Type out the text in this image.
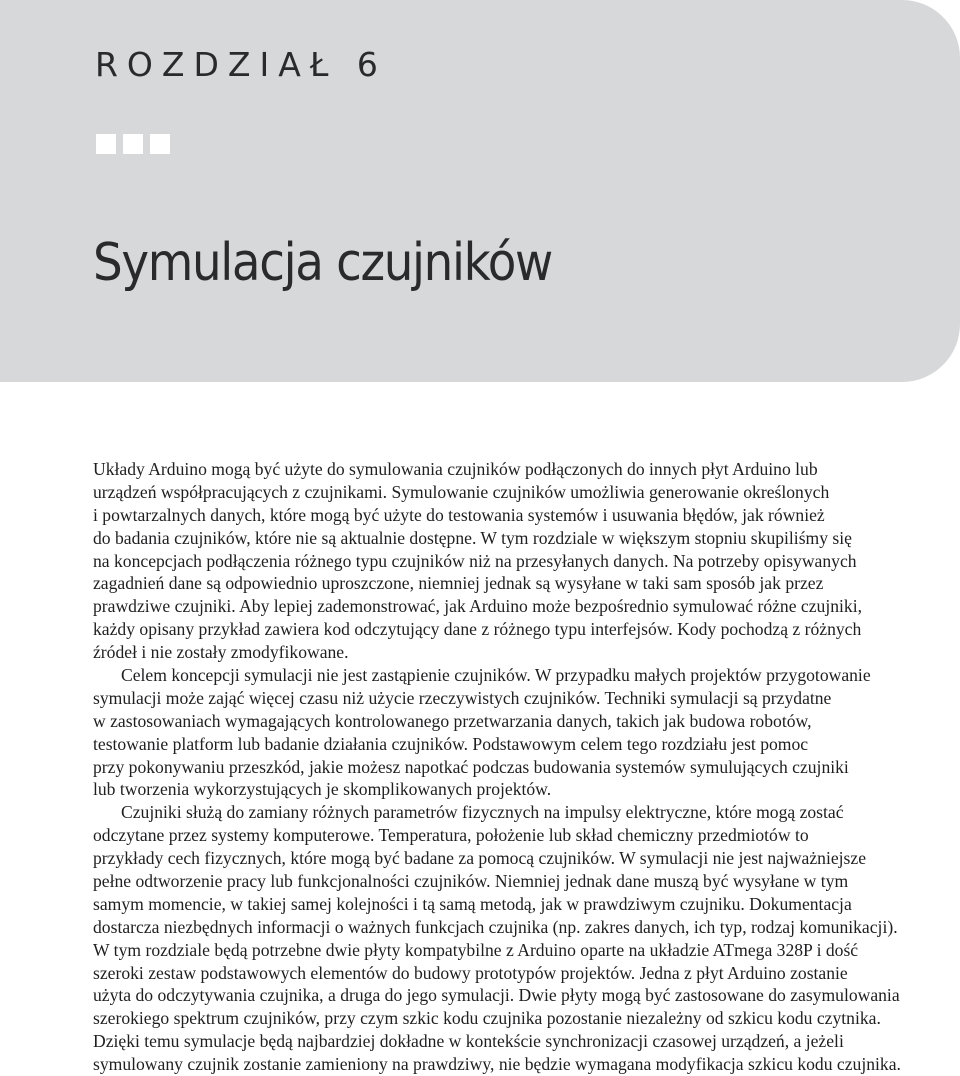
ROZDZIAŁ 6
Symulacja czujników
Układy Arduino mogą być użyte do symulowania czujników podłączonych do innych płyt Arduino lub
urządzeń współpracujących z czujnikami. Symulowanie czujników umożliwia generowanie określonych
i powtarzalnych danych, które mogą być użyte do testowania systemów i usuwania błędów, jak również
do badania czujników, które nie są aktualnie dostępne. W tym rozdziale w większym stopniu skupiliśmy się
na koncepcjach podłączenia różnego typu czujników niż na przesyłanych danych. Na potrzeby opisywanych
zagadnień dane są odpowiednio uproszczone, niemniej jednak są wysyłane w taki sam sposób jak przez
prawdziwe czujniki. Aby lepiej zademonstrować, jak Arduino może bezpośrednio symulować różne czujniki,
każdy opisany przykład zawiera kod odczytujący dane z różnego typu interfejsów. Kody pochodzą z różnych
źródeł i nie zostały zmodyfikowane.
Celem koncepcji symulacji nie jest zastąpienie czujników. W przypadku małych projektów przygotowanie
symulacji może zająć więcej czasu niż użycie rzeczywistych czujników. Techniki symulacji są przydatne
w zastosowaniach wymagających kontrolowanego przetwarzania danych, takich jak budowa robotów,
testowanie platform lub badanie działania czujników. Podstawowym celem tego rozdziału jest pomoc
przy pokonywaniu przeszkód, jakie możesz napotkać podczas budowania systemów symulujących czujniki
lub tworzenia wykorzystujących je skomplikowanych projektów.
Czujniki służą do zamiany różnych parametrów fizycznych na impulsy elektryczne, które mogą zostać
odczytane przez systemy komputerowe. Temperatura, położenie lub skład chemiczny przedmiotów to
przykłady cech fizycznych, które mogą być badane za pomocą czujników. W symulacji nie jest najważniejsze
pełne odtworzenie pracy lub funkcjonalności czujników. Niemniej jednak dane muszą być wysyłane w tym
samym momencie, w takiej samej kolejności i tą samą metodą, jak w prawdziwym czujniku. Dokumentacja
dostarcza niezbędnych informacji o ważnych funkcjach czujnika (np. zakres danych, ich typ, rodzaj komunikacji).
W tym rozdziale będą potrzebne dwie płyty kompatybilne z Arduino oparte na układzie ATmega 328P i dość
szeroki zestaw podstawowych elementów do budowy prototypów projektów. Jedna z płyt Arduino zostanie
użyta do odczytywania czujnika, a druga do jego symulacji. Dwie płyty mogą być zastosowane do zasymulowania
szerokiego spektrum czujników, przy czym szkic kodu czujnika pozostanie niezależny od szkicu kodu czytnika.
Dzięki temu symulacje będą najbardziej dokładne w kontekście synchronizacji czasowej urządzeń, a jeżeli
symulowany czujnik zostanie zamieniony na prawdziwy, nie będzie wymagana modyfikacja szkicu kodu czujnika.
